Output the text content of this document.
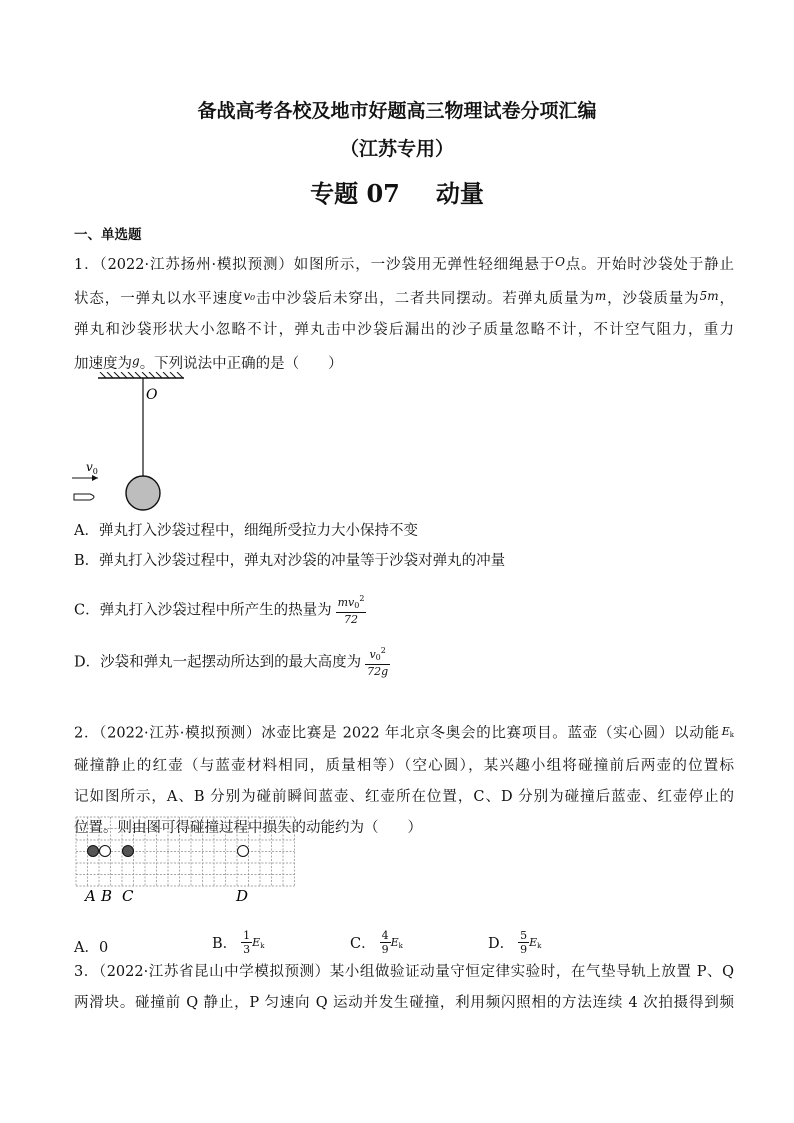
备战高考各校及地市好题高三物理试卷分项汇编
（江苏专用）
专题 07 动量
一、单选题
1．（2022·江苏扬州·模拟预测）如图所示，一沙袋用无弹性轻细绳悬于$^O$点。开始时沙袋处于静止
状态，一弹丸以水平速度$^{v_0}$击中沙袋后未穿出，二者共同摆动。若弹丸质量为$^m$，沙袋质量为$^{5m}$，
弹丸和沙袋形状大小忽略不计，弹丸击中沙袋后漏出的沙子质量忽略不计，不计空气阻力，重力
加速度为$^g$。下列说法中正确的是（　　）
O
$v_0$
A．弹丸打入沙袋过程中，细绳所受拉力大小保持不变
B．弹丸打入沙袋过程中，弹丸对沙袋的冲量等于沙袋对弹丸的冲量
C．弹丸打入沙袋过程中所产生的热量为 $\frac{mv_0^2}{72}$
D．沙袋和弹丸一起摆动所达到的最大高度为 $\frac{v_0^2}{72g}$
2．（2022·江苏·模拟预测）冰壶比赛是 2022 年北京冬奥会的比赛项目。蓝壶（实心圆）以动能 Ek
碰撞静止的红壶（与蓝壶材料相同，质量相等）（空心圆），某兴趣小组将碰撞前后两壶的位置标
记如图所示，A、B 分别为碰前瞬间蓝壶、红壶所在位置，C、D 分别为碰撞后蓝壶、红壶停止的
位置。则由图可得碰撞过程中损失的动能约为（　　）
A B C	D
A．0	B． $\frac{1}{3}$ Ek	C． $\frac{4}{9}$ Ek	D． $\frac{5}{9}$ Ek
3．（2022·江苏省昆山中学模拟预测）某小组做验证动量守恒定律实验时，在气垫导轨上放置 P、Q
两滑块。碰撞前 Q 静止，P 匀速向 Q 运动并发生碰撞，利用频闪照相的方法连续 4 次拍摄得到频
